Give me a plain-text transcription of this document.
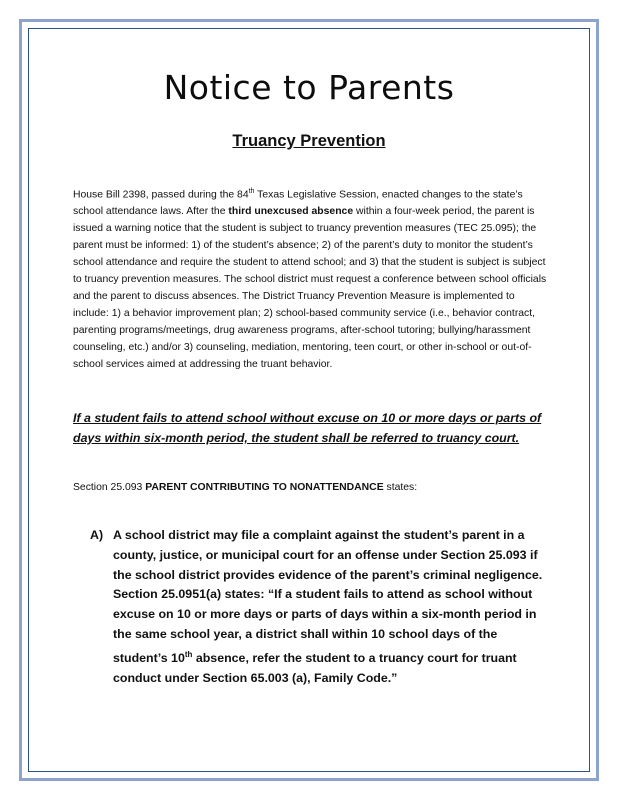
Notice to Parents
Truancy Prevention

House Bill 2398, passed during the 84th Texas Legislative Session, enacted changes to the state’s school attendance laws. After the third unexcused absence within a four-week period, the parent is issued a warning notice that the student is subject to truancy prevention measures (TEC 25.095); the parent must be informed: 1) of the student’s absence; 2) of the parent’s duty to monitor the student’s school attendance and require the student to attend school; and 3) that the student is subject is subject to truancy prevention measures. The school district must request a conference between school officials and the parent to discuss absences. The District Truancy Prevention Measure is implemented to include: 1) a behavior improvement plan; 2) school-based community service (i.e., behavior contract, parenting programs/meetings, drug awareness programs, after-school tutoring; bullying/harassment counseling, etc.) and/or 3) counseling, mediation, mentoring, teen court, or other in-school or out-of-school services aimed at addressing the truant behavior.

If a student fails to attend school without excuse on 10 or more days or parts of days within six-month period, the student shall be referred to truancy court.
Section 25.093 PARENT CONTRIBUTING TO NONATTENDANCE states:
A) A school district may file a complaint against the student’s parent in a county, justice, or municipal court for an offense under Section 25.093 if the school district provides evidence of the parent’s criminal negligence. Section 25.0951(a) states: “If a student fails to attend as school without excuse on 10 or more days or parts of days within a six-month period in the same school year, a district shall within 10 school days of the student’s 10th absence, refer the student to a truancy court for truant conduct under Section 65.003 (a), Family Code.”
